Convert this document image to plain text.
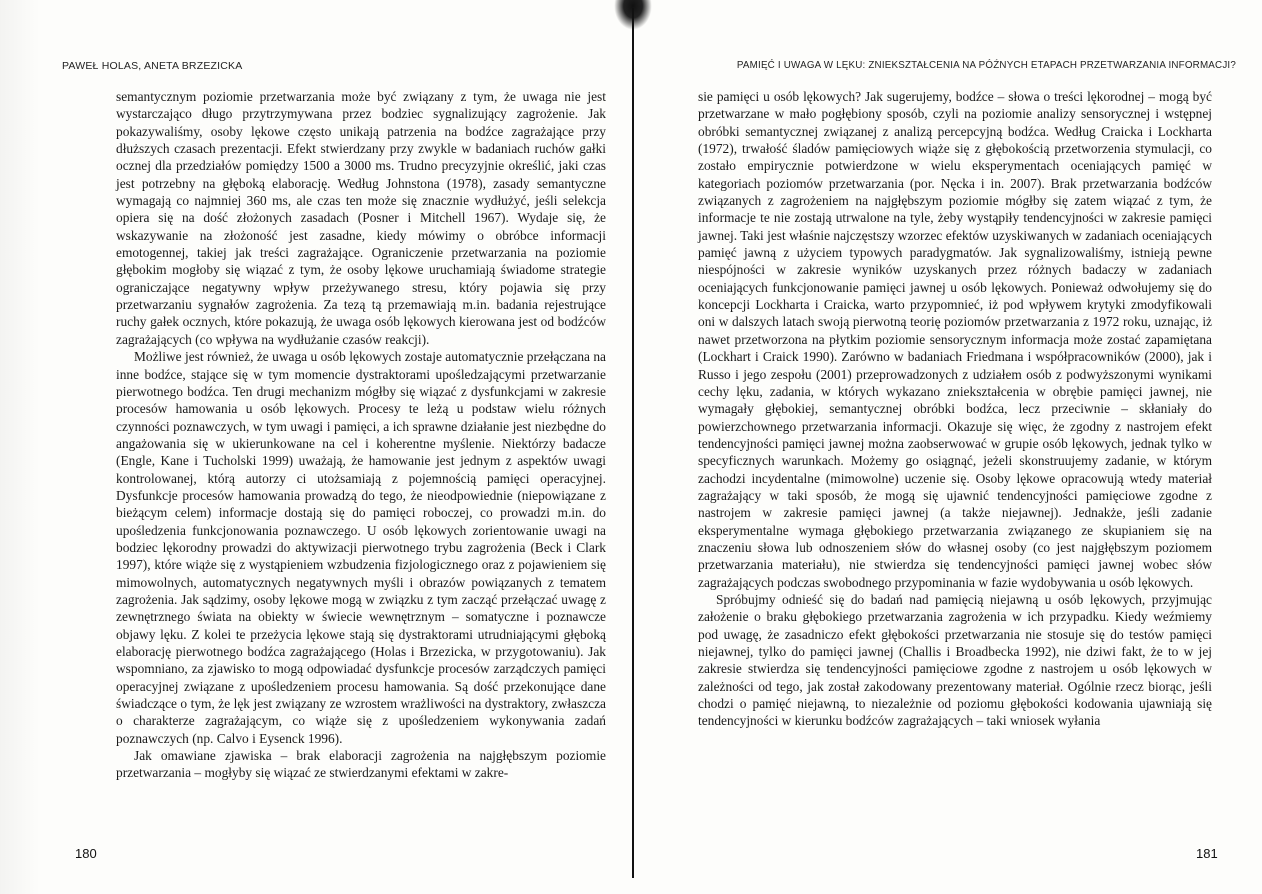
PAWEŁ HOLAS, ANETA BRZEZICKA

semantycznym poziomie przetwarzania może być związany z tym, że uwaga nie jest wystarczająco długo przytrzymywana przez bodziec sygnalizujący zagrożenie. Jak pokazywaliśmy, osoby lękowe często unikają patrzenia na bodźce zagrażające przy dłuższych czasach prezentacji. Efekt stwierdzany przy zwykle w badaniach ruchów gałki ocznej dla przedziałów pomiędzy 1500 a 3000 ms. Trudno precyzyjnie określić, jaki czas jest potrzebny na głęboką elaborację. Według Johnstona (1978), zasady semantyczne wymagają co najmniej 360 ms, ale czas ten może się znacznie wydłużyć, jeśli selekcja opiera się na dość złożonych zasadach (Posner i Mitchell 1967). Wydaje się, że wskazywanie na złożoność jest zasadne, kiedy mówimy o obróbce informacji emotogennej, takiej jak treści zagrażające. Ograniczenie przetwarzania na poziomie głębokim mogłoby się wiązać z tym, że osoby lękowe uruchamiają świadome strategie ograniczające negatywny wpływ przeżywanego stresu, który pojawia się przy przetwarzaniu sygnałów zagrożenia. Za tezą tą przemawiają m.in. badania rejestrujące ruchy gałek ocznych, które pokazują, że uwaga osób lękowych kierowana jest od bodźców zagrażających (co wpływa na wydłużanie czasów reakcji).

Możliwe jest również, że uwaga u osób lękowych zostaje automatycznie przełączana na inne bodźce, stające się w tym momencie dystraktorami upośledzającymi przetwarzanie pierwotnego bodźca. Ten drugi mechanizm mógłby się wiązać z dysfunkcjami w zakresie procesów hamowania u osób lękowych. Procesy te leżą u podstaw wielu różnych czynności poznawczych, w tym uwagi i pamięci, a ich sprawne działanie jest niezbędne do angażowania się w ukierunkowane na cel i koherentne myślenie. Niektórzy badacze (Engle, Kane i Tucholski 1999) uważają, że hamowanie jest jednym z aspektów uwagi kontrolowanej, którą autorzy ci utożsamiają z pojemnością pamięci operacyjnej. Dysfunkcje procesów hamowania prowadzą do tego, że nieodpowiednie (niepowiązane z bieżącym celem) informacje dostają się do pamięci roboczej, co prowadzi m.in. do upośledzenia funkcjonowania poznawczego. U osób lękowych zorientowanie uwagi na bodziec lękorodny prowadzi do aktywizacji pierwotnego trybu zagrożenia (Beck i Clark 1997), które wiąże się z wystąpieniem wzbudzenia fizjologicznego oraz z pojawieniem się mimowolnych, automatycznych negatywnych myśli i obrazów powiązanych z tematem zagrożenia. Jak sądzimy, osoby lękowe mogą w związku z tym zacząć przełączać uwagę z zewnętrznego świata na obiekty w świecie wewnętrznym – somatyczne i poznawcze objawy lęku. Z kolei te przeżycia lękowe stają się dystraktorami utrudniającymi głęboką elaborację pierwotnego bodźca zagrażającego (Holas i Brzezicka, w przygotowaniu). Jak wspomniano, za zjawisko to mogą odpowiadać dysfunkcje procesów zarządczych pamięci operacyjnej związane z upośledzeniem procesu hamowania. Są dość przekonujące dane świadczące o tym, że lęk jest związany ze wzrostem wrażliwości na dystraktory, zwłaszcza o charakterze zagrażającym, co wiąże się z upośledzeniem wykonywania zadań poznawczych (np. Calvo i Eysenck 1996).

Jak omawiane zjawiska – brak elaboracji zagrożenia na najgłębszym poziomie przetwarzania – mogłyby się wiązać ze stwierdzanymi efektami w zakre-

180
PAMIĘĆ I UWAGA W LĘKU: ZNIEKSZTAŁCENIA NA PÓŹNYCH ETAPACH PRZETWARZANIA INFORMACJI?

sie pamięci u osób lękowych? Jak sugerujemy, bodźce – słowa o treści lękorodnej – mogą być przetwarzane w mało pogłębiony sposób, czyli na poziomie analizy sensorycznej i wstępnej obróbki semantycznej związanej z analizą percepcyjną bodźca. Według Craicka i Lockharta (1972), trwałość śladów pamięciowych wiąże się z głębokością przetworzenia stymulacji, co zostało empirycznie potwierdzone w wielu eksperymentach oceniających pamięć w kategoriach poziomów przetwarzania (por. Nęcka i in. 2007). Brak przetwarzania bodźców związanych z zagrożeniem na najgłębszym poziomie mógłby się zatem wiązać z tym, że informacje te nie zostają utrwalone na tyle, żeby wystąpiły tendencyjności w zakresie pamięci jawnej. Taki jest właśnie najczęstszy wzorzec efektów uzyskiwanych w zadaniach oceniających pamięć jawną z użyciem typowych paradygmatów. Jak sygnalizowaliśmy, istnieją pewne niespójności w zakresie wyników uzyskanych przez różnych badaczy w zadaniach oceniających funkcjonowanie pamięci jawnej u osób lękowych. Ponieważ odwołujemy się do koncepcji Lockharta i Craicka, warto przypomnieć, iż pod wpływem krytyki zmodyfikowali oni w dalszych latach swoją pierwotną teorię poziomów przetwarzania z 1972 roku, uznając, iż nawet przetworzona na płytkim poziomie sensorycznym informacja może zostać zapamiętana (Lockhart i Craick 1990). Zarówno w badaniach Friedmana i współpracowników (2000), jak i Russo i jego zespołu (2001) przeprowadzonych z udziałem osób z podwyższonymi wynikami cechy lęku, zadania, w których wykazano zniekształcenia w obrębie pamięci jawnej, nie wymagały głębokiej, semantycznej obróbki bodźca, lecz przeciwnie – skłaniały do powierzchownego przetwarzania informacji. Okazuje się więc, że zgodny z nastrojem efekt tendencyjności pamięci jawnej można zaobserwować w grupie osób lękowych, jednak tylko w specyficznych warunkach. Możemy go osiągnąć, jeżeli skonstruujemy zadanie, w którym zachodzi incydentalne (mimowolne) uczenie się. Osoby lękowe opracowują wtedy materiał zagrażający w taki sposób, że mogą się ujawnić tendencyjności pamięciowe zgodne z nastrojem w zakresie pamięci jawnej (a także niejawnej). Jednakże, jeśli zadanie eksperymentalne wymaga głębokiego przetwarzania związanego ze skupianiem się na znaczeniu słowa lub odnoszeniem słów do własnej osoby (co jest najgłębszym poziomem przetwarzania materiału), nie stwierdza się tendencyjności pamięci jawnej wobec słów zagrażających podczas swobodnego przypominania w fazie wydobywania u osób lękowych.

Spróbujmy odnieść się do badań nad pamięcią niejawną u osób lękowych, przyjmując założenie o braku głębokiego przetwarzania zagrożenia w ich przypadku. Kiedy weźmiemy pod uwagę, że zasadniczo efekt głębokości przetwarzania nie stosuje się do testów pamięci niejawnej, tylko do pamięci jawnej (Challis i Broadbecka 1992), nie dziwi fakt, że to w jej zakresie stwierdza się tendencyjności pamięciowe zgodne z nastrojem u osób lękowych w zależności od tego, jak został zakodowany prezentowany materiał. Ogólnie rzecz biorąc, jeśli chodzi o pamięć niejawną, to niezależnie od poziomu głębokości kodowania ujawniają się tendencyjności w kierunku bodźców zagrażających – taki wniosek wyłania

181
